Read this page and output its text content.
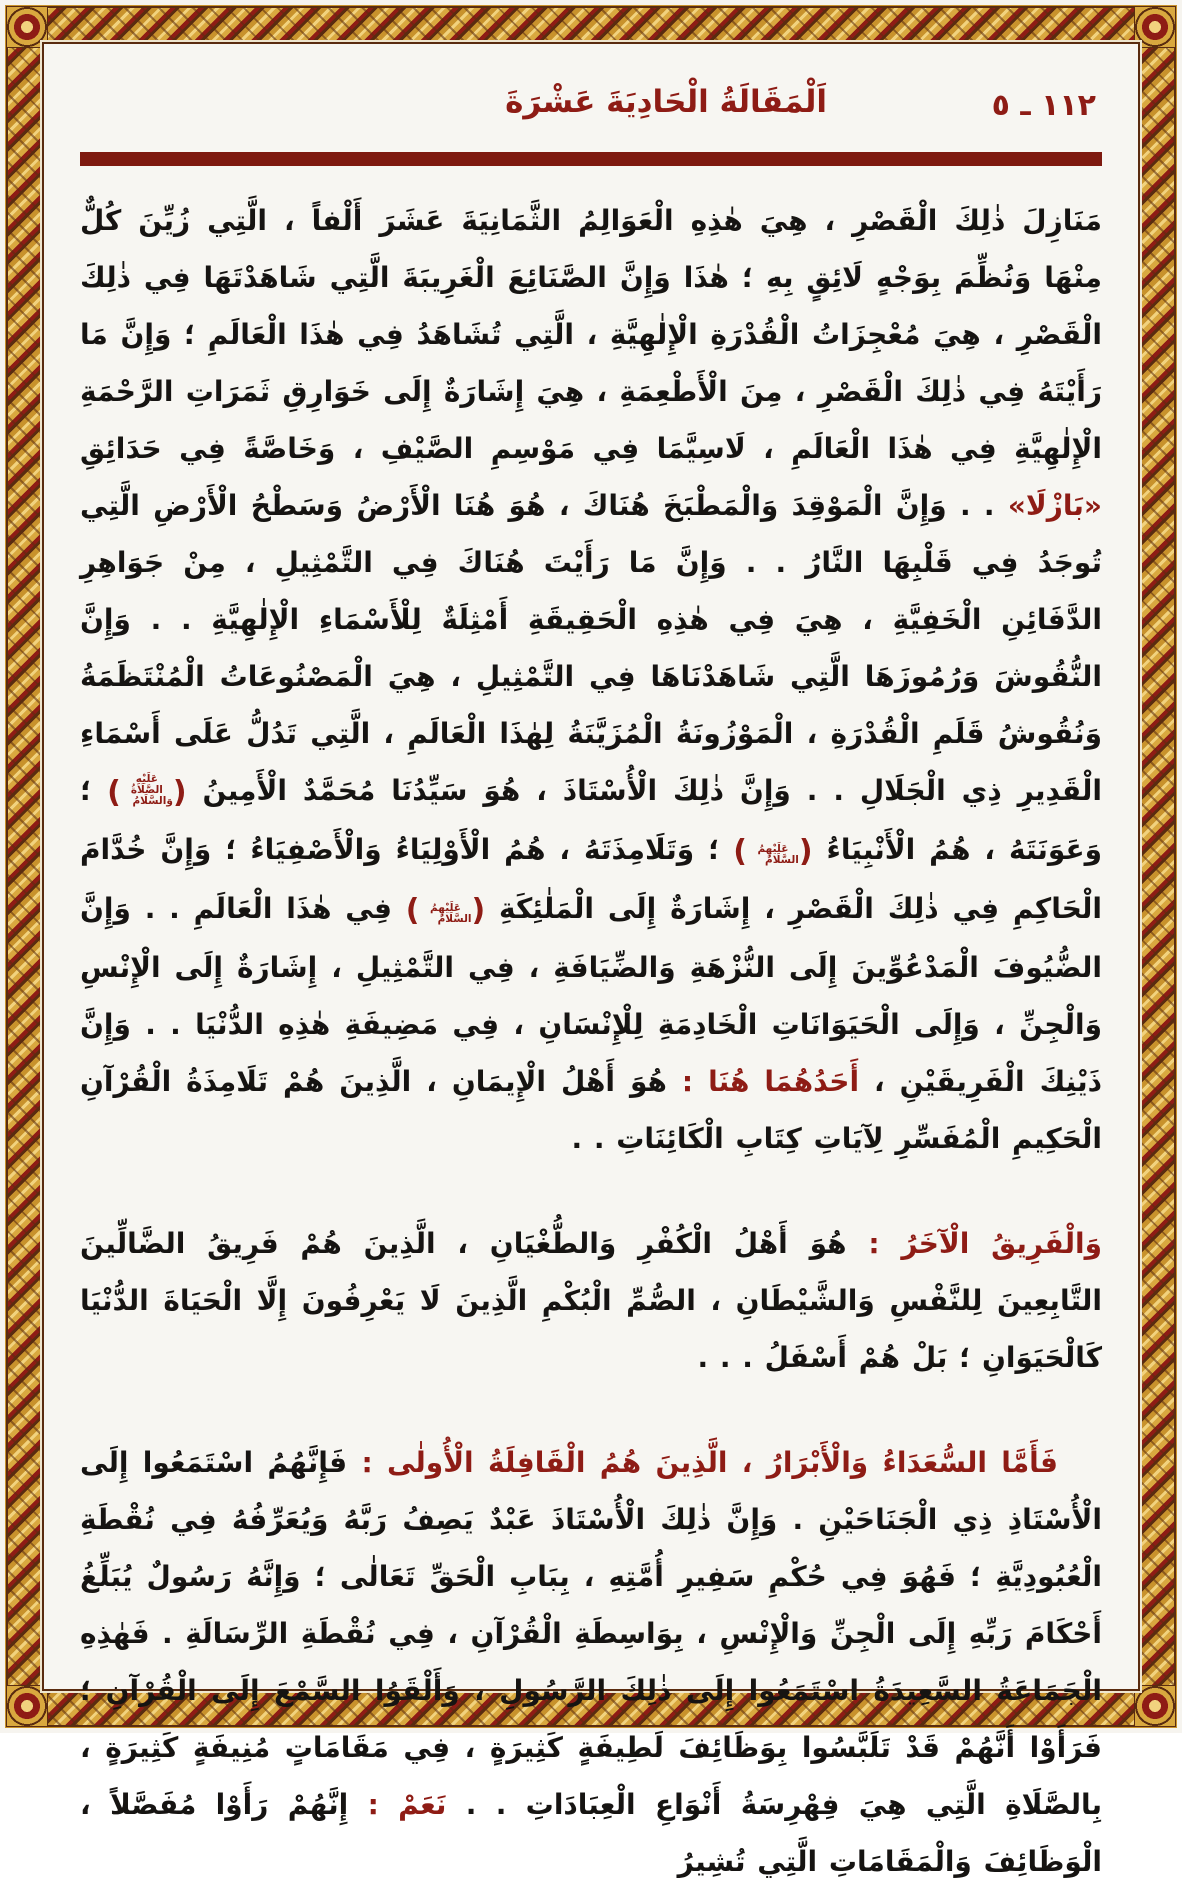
١١٢ ـ ٥
اَلْمَقَالَةُ الْحَادِيَةَ عَشْرَةَ

مَنَازِلَ ذٰلِكَ الْقَصْرِ ، هِيَ هٰذِهِ الْعَوَالِمُ الثَّمَانِيَةَ عَشَرَ أَلْفاً ، الَّتِي زُيِّنَ كُلٌّ مِنْهَا وَنُظِّمَ بِوَجْهٍ لَائِقٍ بِهِ ؛ هٰذَا وَإِنَّ الصَّنَائِعَ الْغَرِيبَةَ الَّتِي شَاهَدْتَهَا فِي ذٰلِكَ الْقَصْرِ ، هِيَ مُعْجِزَاتُ الْقُدْرَةِ الْإِلٰهِيَّةِ ، الَّتِي تُشَاهَدُ فِي هٰذَا الْعَالَمِ ؛ وَإِنَّ مَا رَأَيْتَهُ فِي ذٰلِكَ الْقَصْرِ ، مِنَ الْأَطْعِمَةِ ، هِيَ إِشَارَةٌ إِلَى خَوَارِقِ ثَمَرَاتِ الرَّحْمَةِ الْإِلٰهِيَّةِ فِي هٰذَا الْعَالَمِ ، لَاسِيَّمَا فِي مَوْسِمِ الصَّيْفِ ، وَخَاصَّةً فِي حَدَائِقِ «بَازْلَا» . . وَإِنَّ الْمَوْقِدَ وَالْمَطْبَخَ هُنَاكَ ، هُوَ هُنَا الْأَرْضُ وَسَطْحُ الْأَرْضِ الَّتِي تُوجَدُ فِي قَلْبِهَا النَّارُ . . وَإِنَّ مَا رَأَيْتَ هُنَاكَ فِي التَّمْثِيلِ ، مِنْ جَوَاهِرِ الدَّفَائِنِ الْخَفِيَّةِ ، هِيَ فِي هٰذِهِ الْحَقِيقَةِ أَمْثِلَةٌ لِلْأَسْمَاءِ الْإِلٰهِيَّةِ . . وَإِنَّ النُّقُوشَ وَرُمُوزَهَا الَّتِي شَاهَدْنَاهَا فِي التَّمْثِيلِ ، هِيَ الْمَصْنُوعَاتُ الْمُنْتَظَمَةُ وَنُقُوشُ قَلَمِ الْقُدْرَةِ ، الْمَوْزُونَةُ الْمُزَيَّنَةُ لِهٰذَا الْعَالَمِ ، الَّتِي تَدُلُّ عَلَى أَسْمَاءِ الْقَدِيرِ ذِي الْجَلَالِ . . وَإِنَّ ذٰلِكَ الْأُسْتَاذَ ، هُوَ سَيِّدُنَا مُحَمَّدٌ الْأَمِينُ (عَلَيْهِ الصَّلَاةُ وَالسَّلَامُ) ؛ وَعَوَنَتَهُ ، هُمُ الْأَنْبِيَاءُ (عَلَيْهِمُ السَّلَامُ) ؛ وَتَلَامِذَتَهُ ، هُمُ الْأَوْلِيَاءُ وَالْأَصْفِيَاءُ ؛ وَإِنَّ خُدَّامَ الْحَاكِمِ فِي ذٰلِكَ الْقَصْرِ ، إِشَارَةٌ إِلَى الْمَلٰئِكَةِ (عَلَيْهِمُ السَّلَامُ) فِي هٰذَا الْعَالَمِ . . وَإِنَّ الضُّيُوفَ الْمَدْعُوِّينَ إِلَى النُّزْهَةِ وَالضِّيَافَةِ ، فِي التَّمْثِيلِ ، إِشَارَةٌ إِلَى الْإِنْسِ وَالْجِنِّ ، وَإِلَى الْحَيَوَانَاتِ الْخَادِمَةِ لِلْإِنْسَانِ ، فِي مَضِيفَةِ هٰذِهِ الدُّنْيَا . . وَإِنَّ ذَيْنِكَ الْفَرِيقَيْنِ ، أَحَدُهُمَا هُنَا : هُوَ أَهْلُ الْإِيمَانِ ، الَّذِينَ هُمْ تَلَامِذَةُ الْقُرْآنِ الْحَكِيمِ الْمُفَسِّرِ لِآيَاتِ كِتَابِ الْكَائِنَاتِ . .

وَالْفَرِيقُ الْآخَرُ : هُوَ أَهْلُ الْكُفْرِ وَالطُّغْيَانِ ، الَّذِينَ هُمْ فَرِيقُ الضَّالِّينَ التَّابِعِينَ لِلنَّفْسِ وَالشَّيْطَانِ ، الصُّمِّ الْبُكْمِ الَّذِينَ لَا يَعْرِفُونَ إِلَّا الْحَيَاةَ الدُّنْيَا كَالْحَيَوَانِ ؛ بَلْ هُمْ أَسْفَلُ . . .

فَأَمَّا السُّعَدَاءُ وَالْأَبْرَارُ ، الَّذِينَ هُمُ الْقَافِلَةُ الْأُولٰى : فَإِنَّهُمُ اسْتَمَعُوا إِلَى الْأُسْتَاذِ ذِي الْجَنَاحَيْنِ . وَإِنَّ ذٰلِكَ الْأُسْتَاذَ عَبْدٌ يَصِفُ رَبَّهُ وَيُعَرِّفُهُ فِي نُقْطَةِ الْعُبُودِيَّةِ ؛ فَهُوَ فِي حُكْمِ سَفِيرِ أُمَّتِهِ ، بِبَابِ الْحَقِّ تَعَالٰى ؛ وَإِنَّهُ رَسُولٌ يُبَلِّغُ أَحْكَامَ رَبِّهِ إِلَى الْجِنِّ وَالْإِنْسِ ، بِوَاسِطَةِ الْقُرْآنِ ، فِي نُقْطَةِ الرِّسَالَةِ . فَهٰذِهِ الْجَمَاعَةُ السَّعِيدَةُ اسْتَمَعُوا إِلَى ذٰلِكَ الرَّسُولِ ، وَأَلْقَوُا السَّمْعَ إِلَى الْقُرْآنِ ؛ فَرَأَوْا أَنَّهُمْ قَدْ تَلَبَّسُوا بِوَظَائِفَ لَطِيفَةٍ كَثِيرَةٍ ، فِي مَقَامَاتٍ مُنِيفَةٍ كَثِيرَةٍ ، بِالصَّلَاةِ الَّتِي هِيَ فِهْرِسَةُ أَنْوَاعِ الْعِبَادَاتِ . . نَعَمْ : إِنَّهُمْ رَأَوْا مُفَصَّلاً ، الْوَظَائِفَ وَالْمَقَامَاتِ الَّتِي تُشِيرُ
